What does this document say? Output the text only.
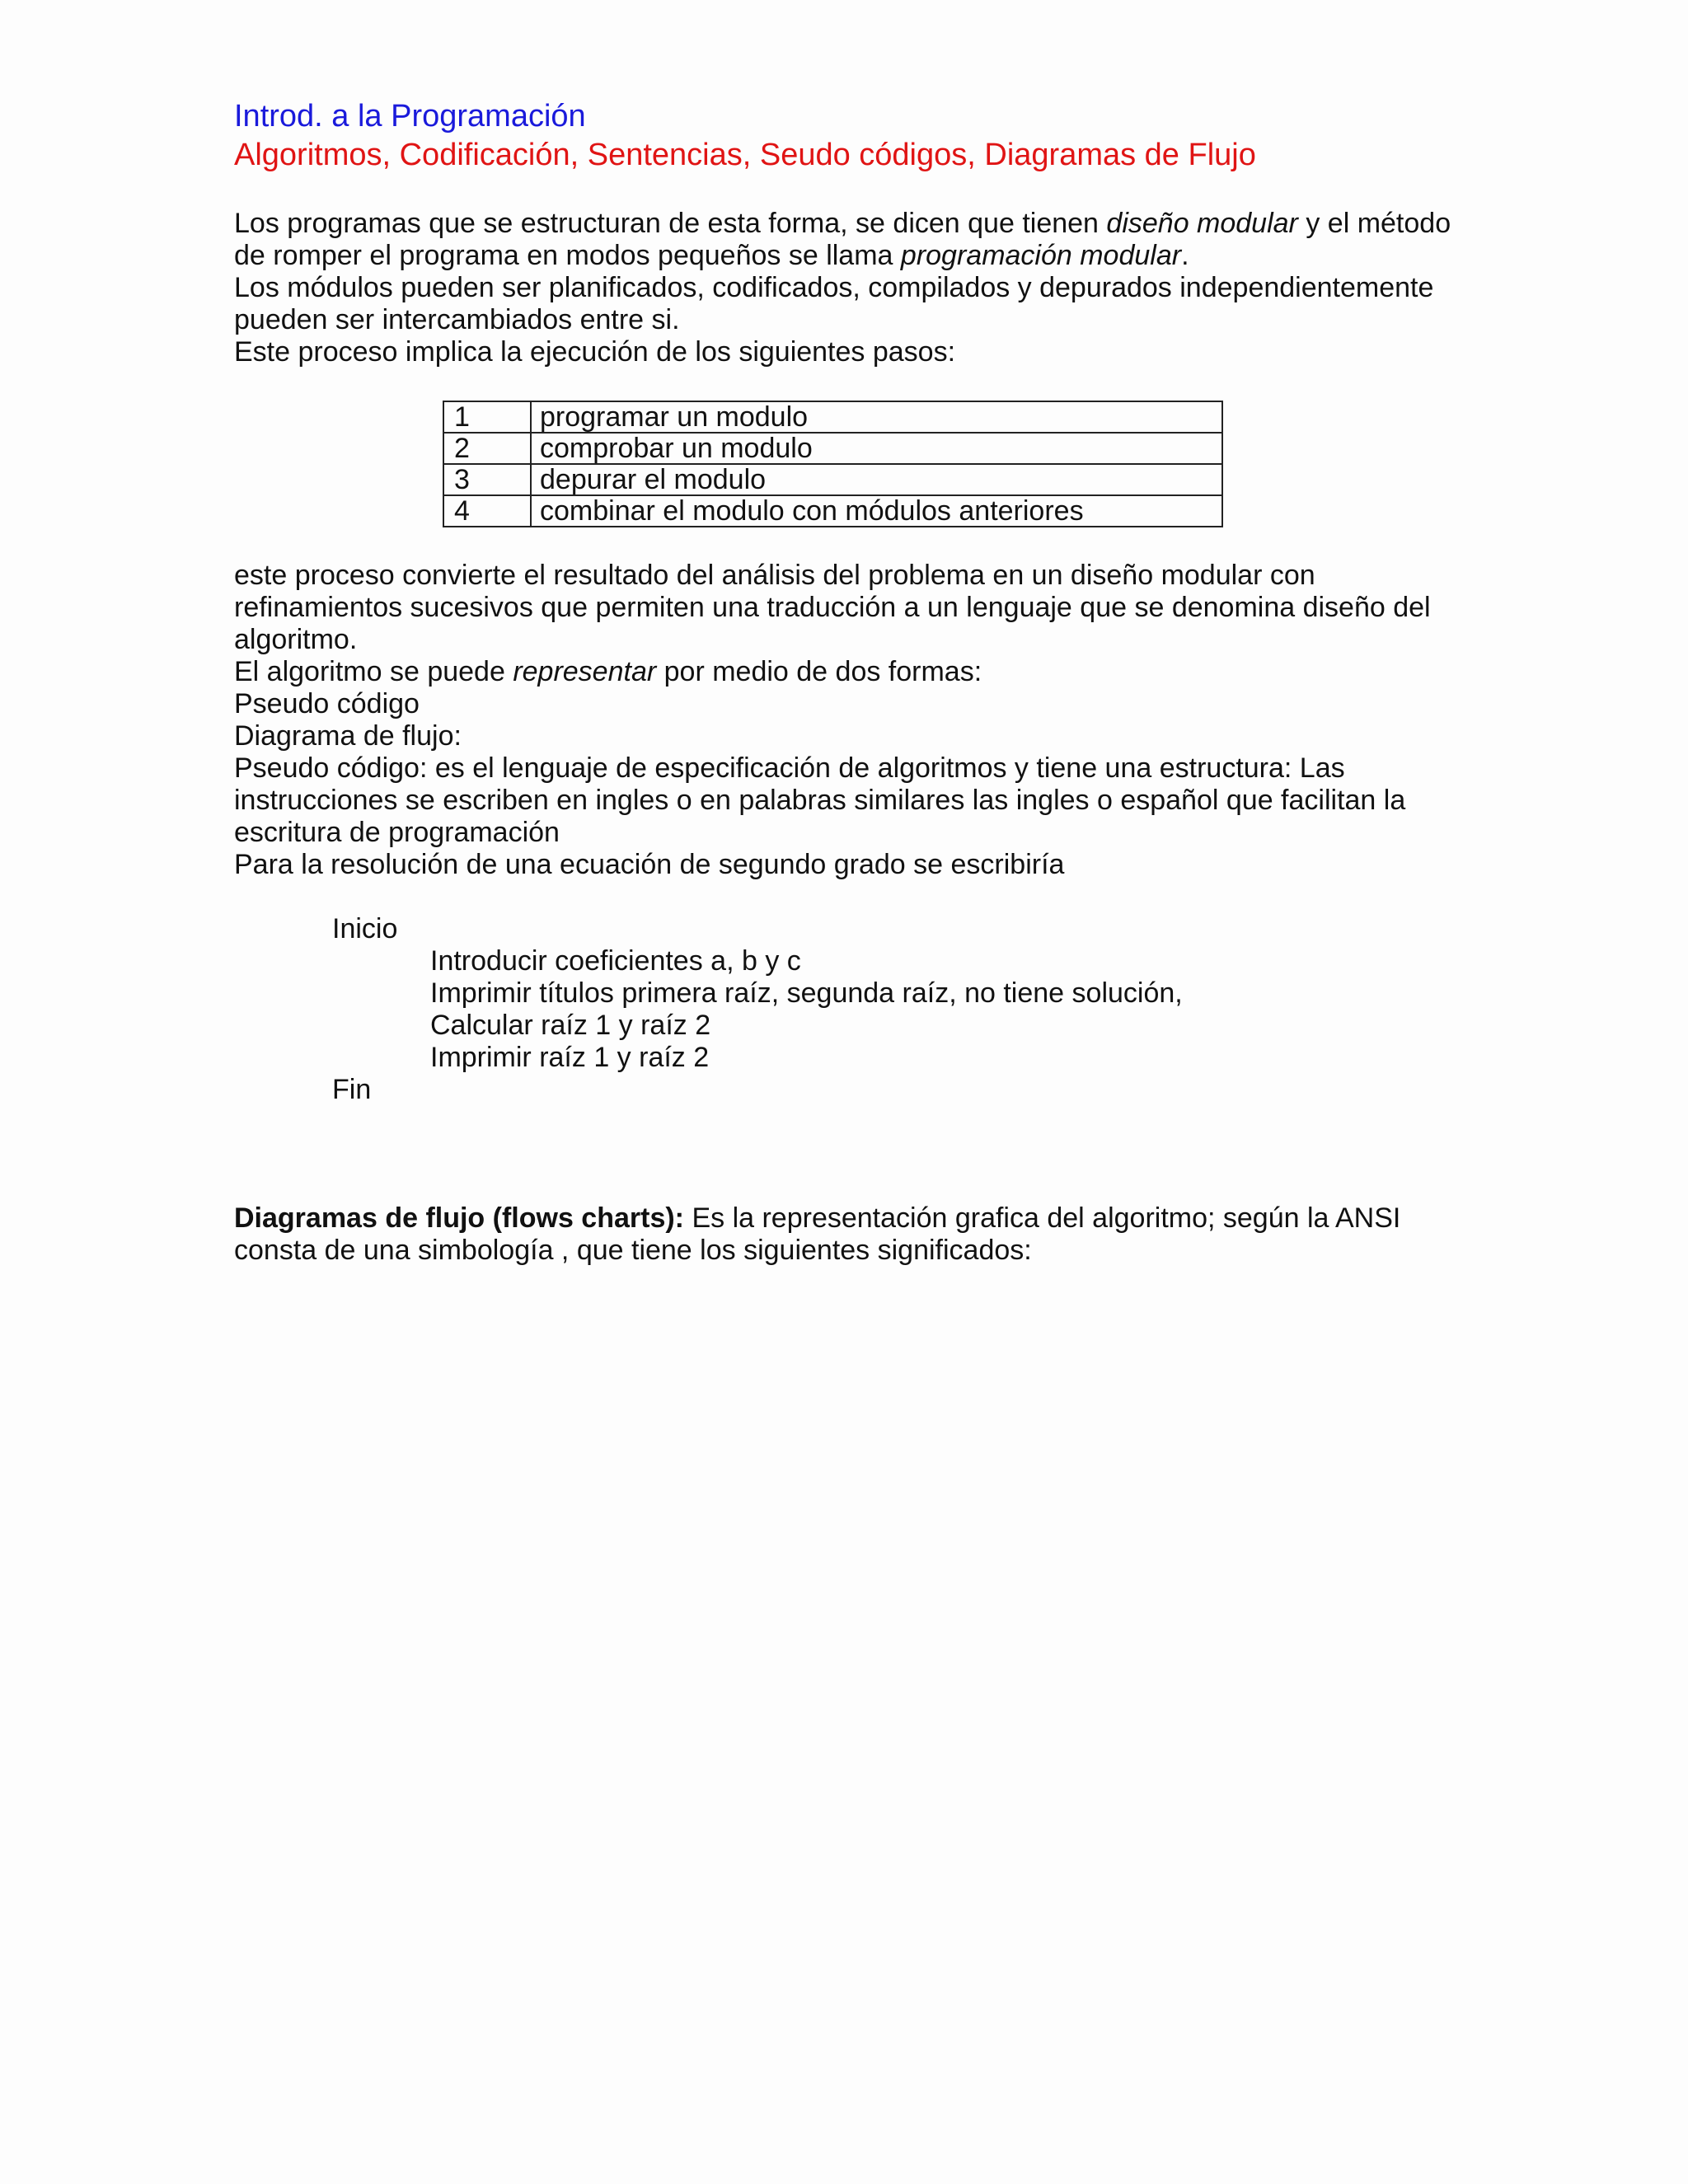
Introd. a la Programación

Algoritmos, Codificación, Sentencias, Seudo códigos, Diagramas de Flujo

Los programas que se estructuran de esta forma, se dicen que tienen diseño modular y el método

de romper el programa en modos pequeños se llama programación modular.

Los módulos pueden ser planificados, codificados, compilados y depurados independientemente

pueden ser intercambiados entre si.

Este proceso implica la ejecución de los siguientes pasos:

1	programar un modulo
2	comprobar un modulo
3	depurar el modulo
4	combinar el modulo con módulos anteriores

este proceso convierte el resultado del análisis del problema en un diseño modular con

refinamientos sucesivos que permiten una traducción a un lenguaje que se denomina diseño del

algoritmo.

El algoritmo se puede representar por medio de dos formas:

Pseudo código

Diagrama de flujo:

Pseudo código: es el lenguaje de especificación de algoritmos y tiene una estructura: Las

instrucciones se escriben en ingles o en palabras similares las ingles o español que facilitan la

escritura de programación

Para la resolución de una ecuación de segundo grado se escribiría

Inicio

Introducir coeficientes a, b y c

Imprimir títulos primera raíz, segunda raíz, no tiene solución,

Calcular raíz 1 y raíz 2

Imprimir raíz 1 y raíz 2

Fin

Diagramas de flujo (flows charts): Es la representación grafica del algoritmo; según la ANSI

consta de una simbología , que tiene los siguientes significados:
